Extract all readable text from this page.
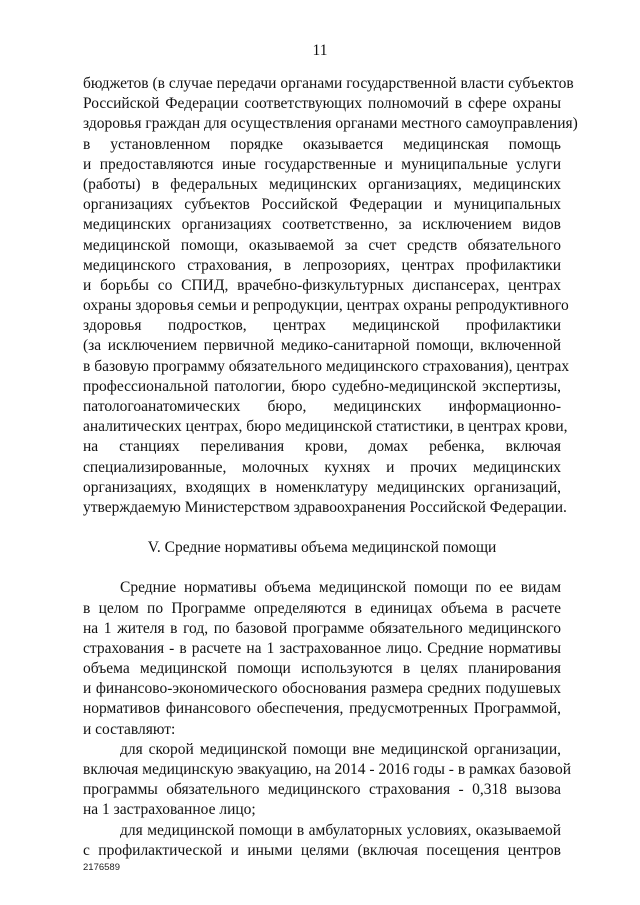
11
бюджетов (в случае передачи органами государственной власти субъектов
Российской Федерации соответствующих полномочий в сфере охраны
здоровья граждан для осуществления органами местного самоуправления)
в установленном порядке оказывается медицинская помощь
и предоставляются иные государственные и муниципальные услуги
(работы) в федеральных медицинских организациях, медицинских
организациях субъектов Российской Федерации и муниципальных
медицинских организациях соответственно, за исключением видов
медицинской помощи, оказываемой за счет средств обязательного
медицинского страхования, в лепрозориях, центрах профилактики
и борьбы со СПИД, врачебно-физкультурных диспансерах, центрах
охраны здоровья семьи и репродукции, центрах охраны репродуктивного
здоровья подростков, центрах медицинской профилактики
(за исключением первичной медико-санитарной помощи, включенной
в базовую программу обязательного медицинского страхования), центрах
профессиональной патологии, бюро судебно-медицинской экспертизы,
патологоанатомических бюро, медицинских информационно-
аналитических центрах, бюро медицинской статистики, в центрах крови,
на станциях переливания крови, домах ребенка, включая
специализированные, молочных кухнях и прочих медицинских
организациях, входящих в номенклатуру медицинских организаций,
утверждаемую Министерством здравоохранения Российской Федерации.
V. Средние нормативы объема медицинской помощи
Средние нормативы объема медицинской помощи по ее видам
в целом по Программе определяются в единицах объема в расчете
на 1 жителя в год, по базовой программе обязательного медицинского
страхования - в расчете на 1 застрахованное лицо. Средние нормативы
объема медицинской помощи используются в целях планирования
и финансово-экономического обоснования размера средних подушевых
нормативов финансового обеспечения, предусмотренных Программой,
и составляют:
для скорой медицинской помощи вне медицинской организации,
включая медицинскую эвакуацию, на 2014 - 2016 годы - в рамках базовой
программы обязательного медицинского страхования - 0,318 вызова
на 1 застрахованное лицо;
для медицинской помощи в амбулаторных условиях, оказываемой
с профилактической и иными целями (включая посещения центров
2176589
